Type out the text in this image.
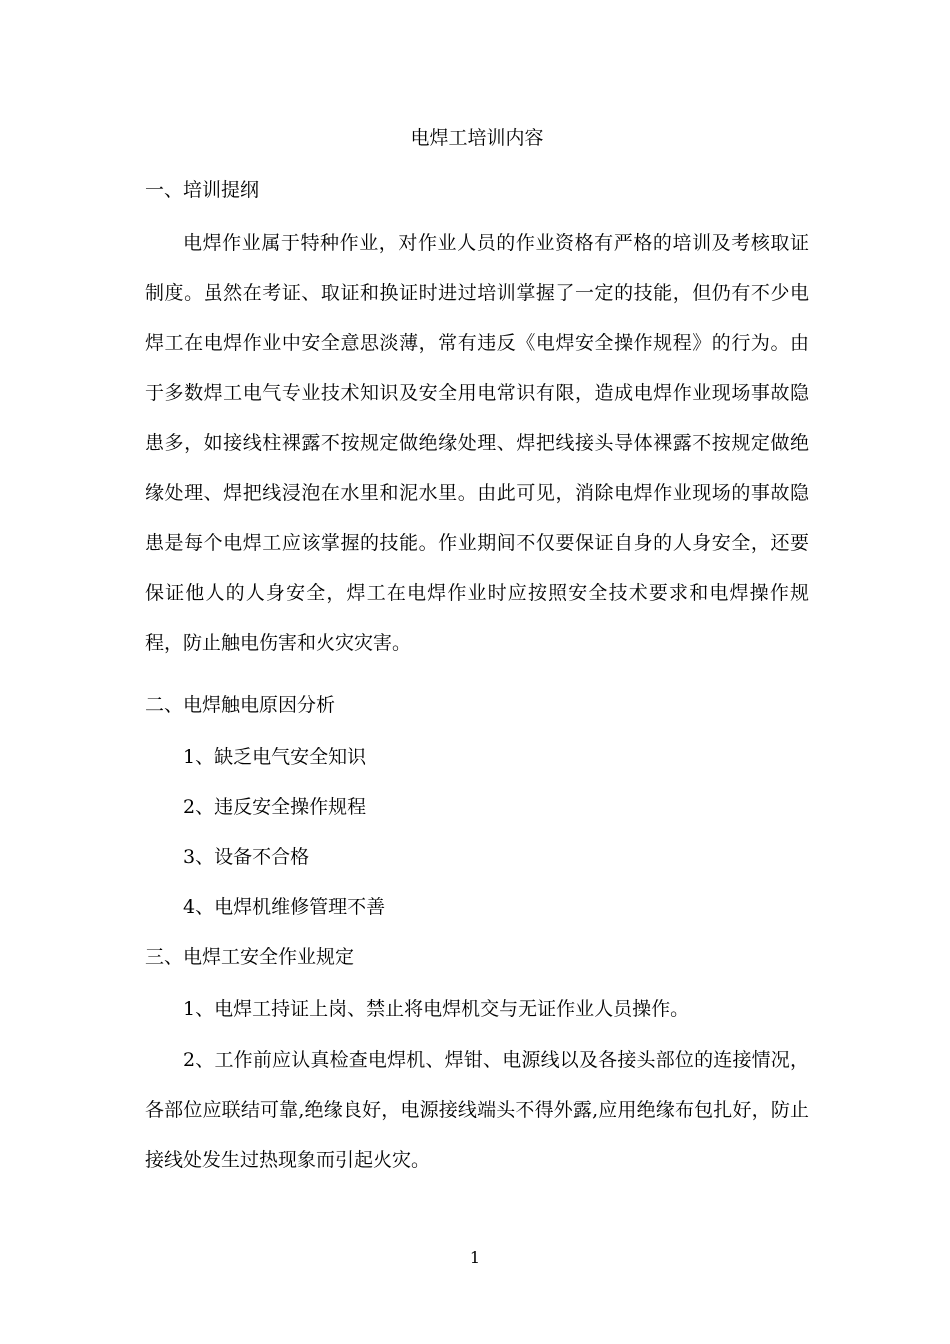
电焊工培训内容
一、培训提纲
电焊作业属于特种作业，对作业人员的作业资格有严格的培训及考核取证制度。虽然在考证、取证和换证时进过培训掌握了一定的技能，但仍有不少电焊工在电焊作业中安全意思淡薄，常有违反《电焊安全操作规程》的行为。由于多数焊工电气专业技术知识及安全用电常识有限，造成电焊作业现场事故隐患多，如接线柱裸露不按规定做绝缘处理、焊把线接头导体裸露不按规定做绝缘处理、焊把线浸泡在水里和泥水里。由此可见，消除电焊作业现场的事故隐患是每个电焊工应该掌握的技能。作业期间不仅要保证自身的人身安全，还要保证他人的人身安全，焊工在电焊作业时应按照安全技术要求和电焊操作规程，防止触电伤害和火灾灾害。
二、电焊触电原因分析
1、缺乏电气安全知识
2、违反安全操作规程
3、设备不合格
4、电焊机维修管理不善
三、电焊工安全作业规定
1、电焊工持证上岗、禁止将电焊机交与无证作业人员操作。
2、工作前应认真检查电焊机、焊钳、电源线以及各接头部位的连接情况，各部位应联结可靠,绝缘良好，电源接线端头不得外露,应用绝缘布包扎好，防止接线处发生过热现象而引起火灾。
1
